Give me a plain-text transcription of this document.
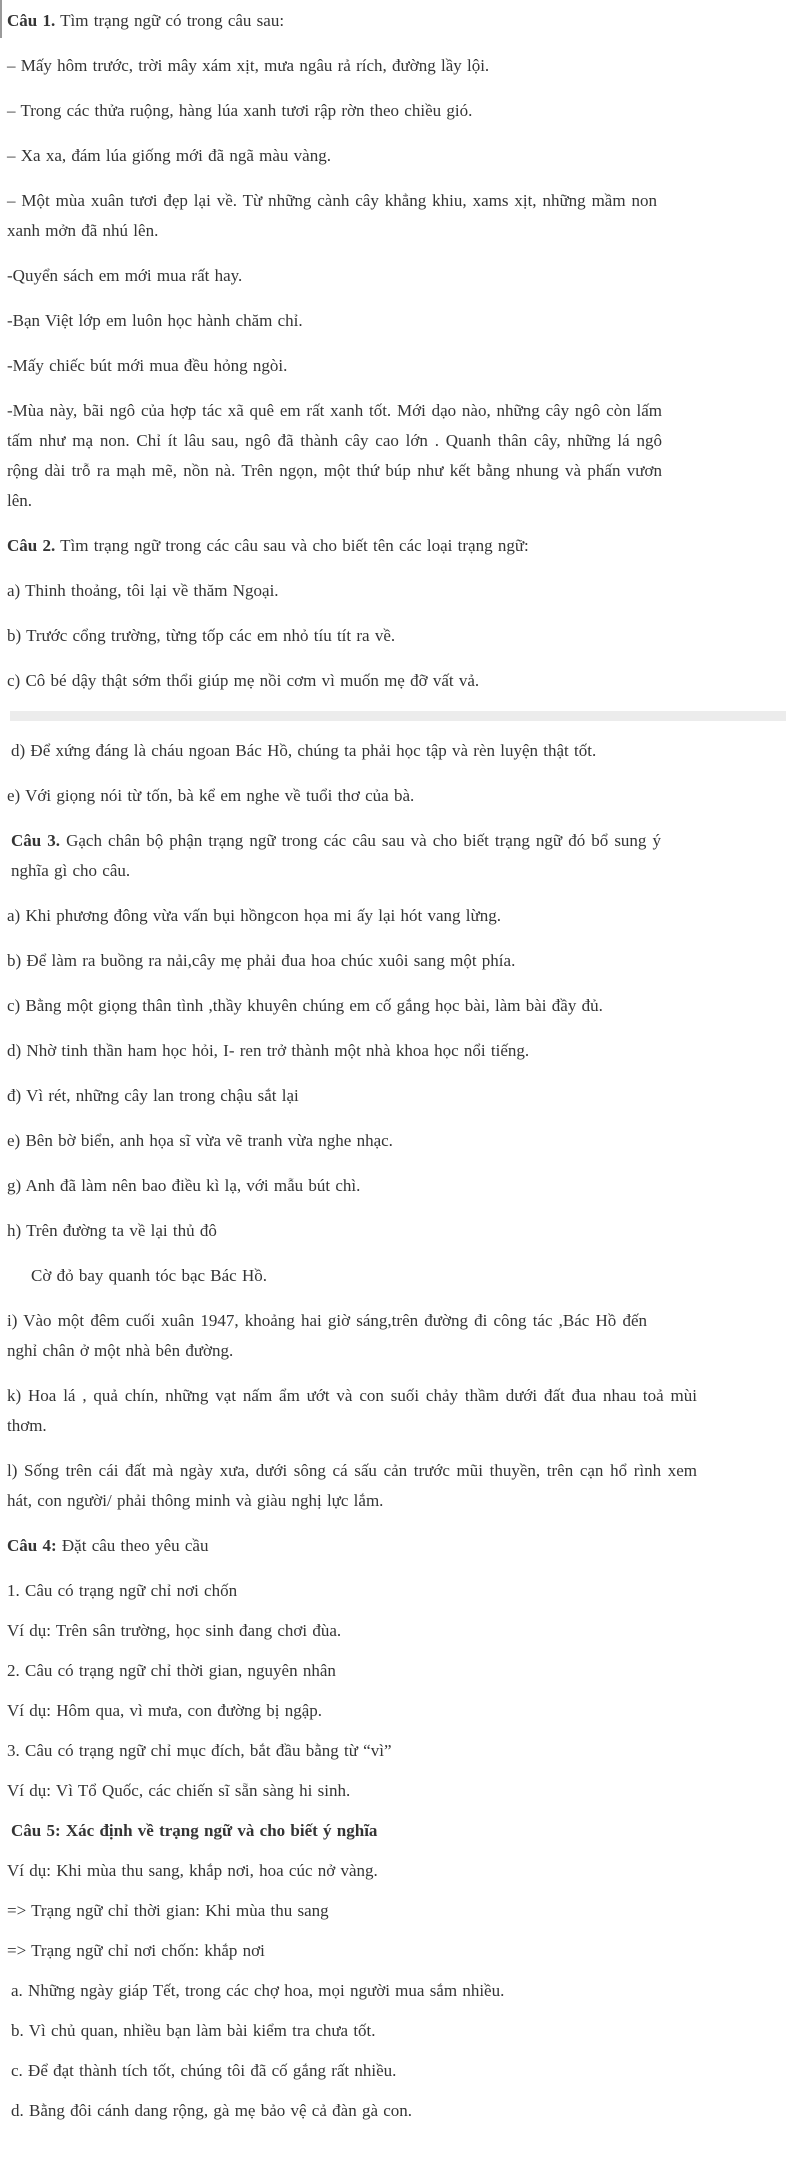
Câu 1. Tìm trạng ngữ có trong câu sau:

– Mấy hôm trước, trời mây xám xịt, mưa ngâu rả rích, đường lầy lội.

– Trong các thửa ruộng, hàng lúa xanh tươi rập rờn theo chiều gió.

– Xa xa, đám lúa giống mới đã ngã màu vàng.

– Một mùa xuân tươi đẹp lại về. Từ những cành cây khẳng khiu, xams xịt, những mầm non xanh mởn đã nhú lên.

-Quyển sách em mới mua rất hay.

-Bạn Việt lớp em luôn học hành chăm chỉ.

-Mấy chiếc bút mới mua đều hỏng ngòi.

-Mùa này, bãi ngô của hợp tác xã quê em rất xanh tốt. Mới dạo nào, những cây ngô còn lấm tấm như mạ non. Chỉ ít lâu sau, ngô đã thành cây cao lớn . Quanh thân cây, những lá ngô rộng dài trỗ ra mạh mẽ, nồn nà. Trên ngọn, một thứ búp như kết bằng nhung và phấn vươn lên.

Câu 2. Tìm trạng ngữ trong các câu sau và cho biết tên các loại trạng ngữ:

a) Thinh thoảng, tôi lại về thăm Ngoại.

b) Trước cổng trường, từng tốp các em nhỏ tíu tít ra về.

c) Cô bé dậy thật sớm thổi giúp mẹ nồi cơm vì muốn mẹ đỡ vất vả.

d) Để xứng đáng là cháu ngoan Bác Hồ, chúng ta phải học tập và rèn luyện thật tốt.

e) Với giọng nói từ tốn, bà kể em nghe về tuổi thơ của bà.

Câu 3. Gạch chân bộ phận trạng ngữ trong các câu sau và cho biết trạng ngữ đó bổ sung ý nghĩa gì cho câu.

a) Khi phương đông vừa vấn bụi hồngcon họa mi ấy lại hót vang lừng.

b) Để làm ra buồng ra nải,cây mẹ phải đua hoa chúc xuôi sang một phía.

c) Bằng một giọng thân tình ,thầy khuyên chúng em cố gắng học bài, làm bài đầy đủ.

d) Nhờ tinh thần ham học hỏi, I- ren trở thành một nhà khoa học nổi tiếng.

đ) Vì rét, những cây lan trong chậu sắt lại

e) Bên bờ biển, anh họa sĩ vừa vẽ tranh vừa nghe nhạc.

g) Anh đã làm nên bao điều kì lạ, với mẫu bút chì.

h) Trên đường ta về lại thủ đô

Cờ đỏ bay quanh tóc bạc Bác Hồ.

i) Vào một đêm cuối xuân 1947, khoảng hai giờ sáng,trên đường đi công tác ,Bác Hồ đến nghỉ chân ở một nhà bên đường.

k) Hoa lá , quả chín, những vạt nấm ẩm ướt và con suối chảy thầm dưới đất đua nhau toả mùi thơm.

l) Sống trên cái đất mà ngày xưa, dưới sông cá sấu cản trước mũi thuyền, trên cạn hổ rình xem hát, con người/ phải thông minh và giàu nghị lực lắm.

Câu 4: Đặt câu theo yêu cầu

1. Câu có trạng ngữ chỉ nơi chốn

Ví dụ: Trên sân trường, học sinh đang chơi đùa.

2. Câu có trạng ngữ chỉ thời gian, nguyên nhân

Ví dụ: Hôm qua, vì mưa, con đường bị ngập.

3. Câu có trạng ngữ chỉ mục đích, bắt đầu bằng từ “vì”

Ví dụ: Vì Tổ Quốc, các chiến sĩ sẵn sàng hi sinh.

Câu 5: Xác định về trạng ngữ và cho biết ý nghĩa

Ví dụ: Khi mùa thu sang, khắp nơi, hoa cúc nở vàng.

=> Trạng ngữ chỉ thời gian: Khi mùa thu sang

=> Trạng ngữ chỉ nơi chốn: khắp nơi

a. Những ngày giáp Tết, trong các chợ hoa, mọi người mua sắm nhiều.

b. Vì chủ quan, nhiều bạn làm bài kiểm tra chưa tốt.

c. Để đạt thành tích tốt, chúng tôi đã cố gắng rất nhiều.

d. Bằng đôi cánh dang rộng, gà mẹ bảo vệ cả đàn gà con.
